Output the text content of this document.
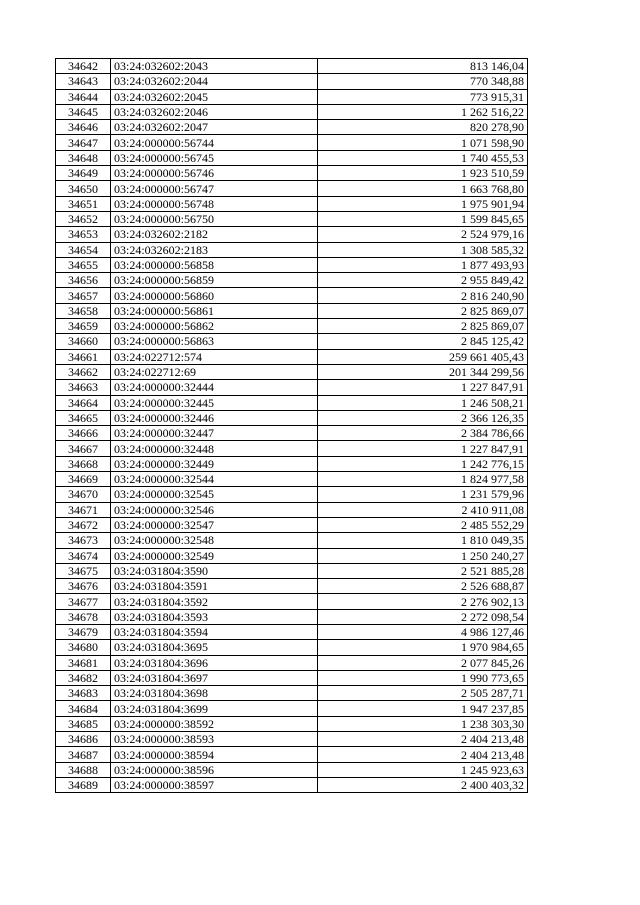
34642	03:24:032602:2043	813 146,04
34643	03:24:032602:2044	770 348,88
34644	03:24:032602:2045	773 915,31
34645	03:24:032602:2046	1 262 516,22
34646	03:24:032602:2047	820 278,90
34647	03:24:000000:56744	1 071 598,90
34648	03:24:000000:56745	1 740 455,53
34649	03:24:000000:56746	1 923 510,59
34650	03:24:000000:56747	1 663 768,80
34651	03:24:000000:56748	1 975 901,94
34652	03:24:000000:56750	1 599 845,65
34653	03:24:032602:2182	2 524 979,16
34654	03:24:032602:2183	1 308 585,32
34655	03:24:000000:56858	1 877 493,93
34656	03:24:000000:56859	2 955 849,42
34657	03:24:000000:56860	2 816 240,90
34658	03:24:000000:56861	2 825 869,07
34659	03:24:000000:56862	2 825 869,07
34660	03:24:000000:56863	2 845 125,42
34661	03:24:022712:574	259 661 405,43
34662	03:24:022712:69	201 344 299,56
34663	03:24:000000:32444	1 227 847,91
34664	03:24:000000:32445	1 246 508,21
34665	03:24:000000:32446	2 366 126,35
34666	03:24:000000:32447	2 384 786,66
34667	03:24:000000:32448	1 227 847,91
34668	03:24:000000:32449	1 242 776,15
34669	03:24:000000:32544	1 824 977,58
34670	03:24:000000:32545	1 231 579,96
34671	03:24:000000:32546	2 410 911,08
34672	03:24:000000:32547	2 485 552,29
34673	03:24:000000:32548	1 810 049,35
34674	03:24:000000:32549	1 250 240,27
34675	03:24:031804:3590	2 521 885,28
34676	03:24:031804:3591	2 526 688,87
34677	03:24:031804:3592	2 276 902,13
34678	03:24:031804:3593	2 272 098,54
34679	03:24:031804:3594	4 986 127,46
34680	03:24:031804:3695	1 970 984,65
34681	03:24:031804:3696	2 077 845,26
34682	03:24:031804:3697	1 990 773,65
34683	03:24:031804:3698	2 505 287,71
34684	03:24:031804:3699	1 947 237,85
34685	03:24:000000:38592	1 238 303,30
34686	03:24:000000:38593	2 404 213,48
34687	03:24:000000:38594	2 404 213,48
34688	03:24:000000:38596	1 245 923,63
34689	03:24:000000:38597	2 400 403,32
